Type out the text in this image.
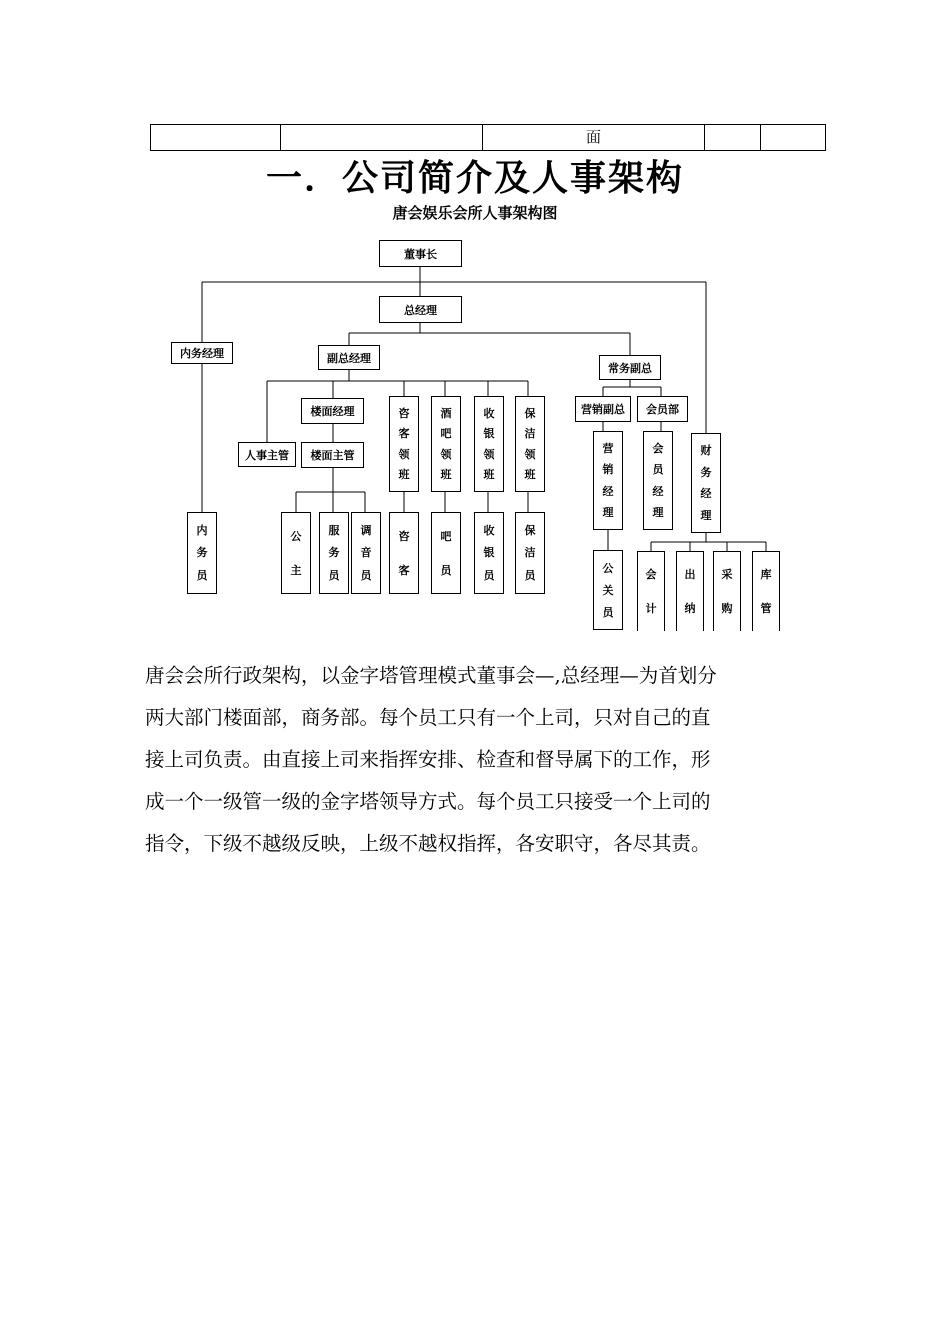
		面		
一．公司简介及人事架构
唐会娱乐会所人事架构图
董事长
总经理
内务经理	副总经理
常务副总
楼面经理
人事主管 楼面主管
营销副总 会员部
咨
客
领
班
酒
吧
领
班
收
银
领
班
保
洁
领
班
营
销
经
理
会
员
经
理
财
务
经
理
内
务
员
公
主
服
务
员
调
音
员
咨
客
吧
员
收
银
员
保
洁
员
公
关
员
会
计
出
纳
采
购
库
管

唐会会所行政架构，以金字塔管理模式董事会—,总经理—为首划分

两大部门楼面部，商务部。每个员工只有一个上司，只对自己的直

接上司负责。由直接上司来指挥安排、检查和督导属下的工作，形

成一个一级管一级的金字塔领导方式。每个员工只接受一个上司的

指令，下级不越级反映，上级不越权指挥，各安职守，各尽其责。
